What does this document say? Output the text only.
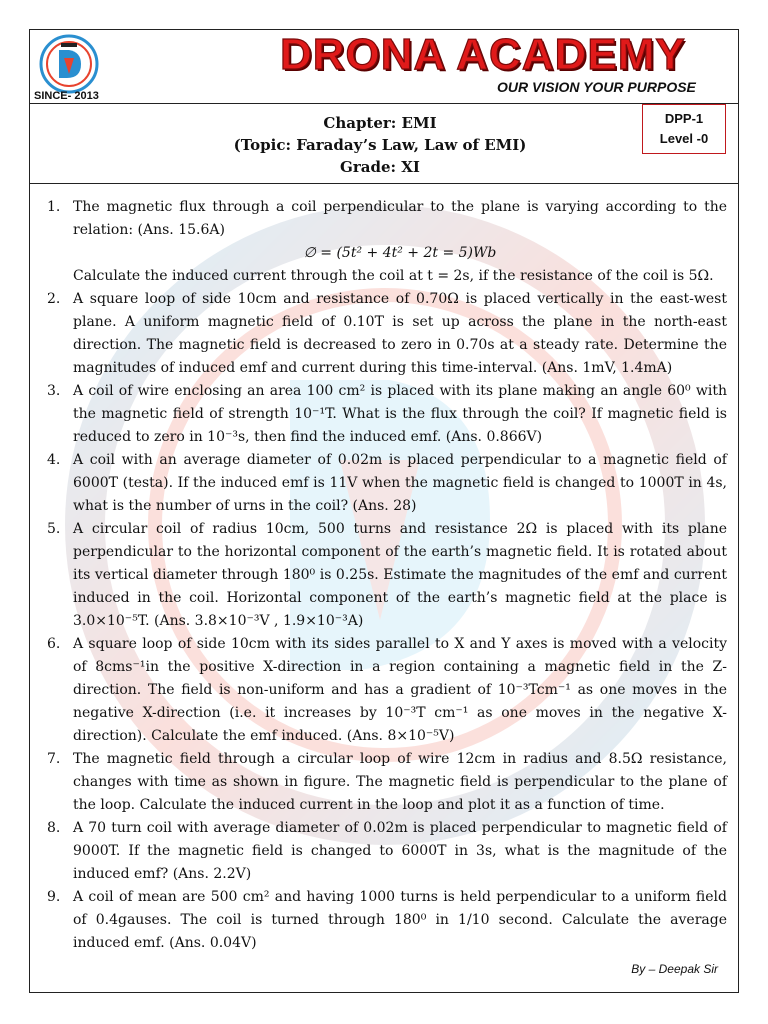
SINCE- 2013
DRONA ACADEMY
OUR VISION YOUR PURPOSE
Chapter: EMI
(Topic: Faraday’s Law, Law of EMI)
Grade: XI
DPP-1
Level -0
1. The magnetic flux through a coil perpendicular to the plane is varying according to the relation: (Ans. 15.6A)
∅ = (5t² + 4t² + 2t = 5)Wb
Calculate the induced current through the coil at t = 2s, if the resistance of the coil is 5Ω.
2. A square loop of side 10cm and resistance of 0.70Ω is placed vertically in the east-west plane. A uniform magnetic field of 0.10T is set up across the plane in the north-east direction. The magnetic field is decreased to zero in 0.70s at a steady rate. Determine the magnitudes of induced emf and current during this time-interval. (Ans. 1mV, 1.4mA)
3. A coil of wire enclosing an area 100 cm² is placed with its plane making an angle 60⁰ with the magnetic field of strength 10⁻¹T. What is the flux through the coil? If magnetic field is reduced to zero in 10⁻³s, then find the induced emf. (Ans. 0.866V)
4. A coil with an average diameter of 0.02m is placed perpendicular to a magnetic field of 6000T (testa). If the induced emf is 11V when the magnetic field is changed to 1000T in 4s, what is the number of urns in the coil? (Ans. 28)
5. A circular coil of radius 10cm, 500 turns and resistance 2Ω is placed with its plane perpendicular to the horizontal component of the earth’s magnetic field. It is rotated about its vertical diameter through 180⁰ is 0.25s. Estimate the magnitudes of the emf and current induced in the coil. Horizontal component of the earth’s magnetic field at the place is 3.0×10⁻⁵T. (Ans. 3.8×10⁻³V , 1.9×10⁻³A)
6. A square loop of side 10cm with its sides parallel to X and Y axes is moved with a velocity of 8cms⁻¹in the positive X-direction in a region containing a magnetic field in the Z-direction. The field is non-uniform and has a gradient of 10⁻³Tcm⁻¹ as one moves in the negative X-direction (i.e. it increases by 10⁻³T cm⁻¹ as one moves in the negative X-direction). Calculate the emf induced. (Ans. 8×10⁻⁵V)
7. The magnetic field through a circular loop of wire 12cm in radius and 8.5Ω resistance, changes with time as shown in figure. The magnetic field is perpendicular to the plane of the loop. Calculate the induced current in the loop and plot it as a function of time.
8. A 70 turn coil with average diameter of 0.02m is placed perpendicular to magnetic field of 9000T. If the magnetic field is changed to 6000T in 3s, what is the magnitude of the induced emf? (Ans. 2.2V)
9. A coil of mean are 500 cm² and having 1000 turns is held perpendicular to a uniform field of 0.4gauses. The coil is turned through 180⁰ in 1/10 second. Calculate the average induced emf. (Ans. 0.04V)
By – Deepak Sir
